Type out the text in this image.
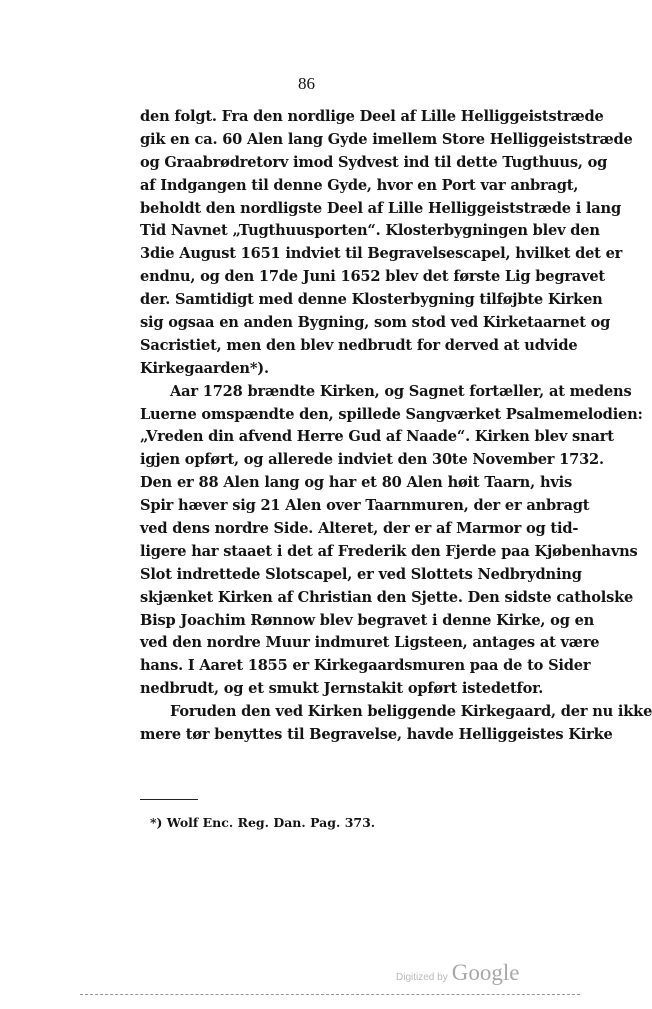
86
den folgt. Fra den nordlige Deel af Lille Helliggeiststræde
gik en ca. 60 Alen lang Gyde imellem Store Helliggeiststræde
og Graabrødretorv imod Sydvest ind til dette Tugthuus, og
af Indgangen til denne Gyde, hvor en Port var anbragt,
beholdt den nordligste Deel af Lille Helliggeiststræde i lang
Tid Navnet „Tugthuusporten“. Klosterbygningen blev den
3die August 1651 indviet til Begravelsescapel, hvilket det er
endnu, og den 17de Juni 1652 blev det første Lig begravet
der. Samtidigt med denne Klosterbygning tilføjbte Kirken
sig ogsaa en anden Bygning, som stod ved Kirketaarnet og
Sacristiet, men den blev nedbrudt for derved at udvide
Kirkegaarden*).
Aar 1728 brændte Kirken, og Sagnet fortæller, at medens
Luerne omspændte den, spillede Sangværket Psalmemelodien:
„Vreden din afvend Herre Gud af Naade“. Kirken blev snart
igjen opført, og allerede indviet den 30te November 1732.
Den er 88 Alen lang og har et 80 Alen høit Taarn, hvis
Spir hæver sig 21 Alen over Taarnmuren, der er anbragt
ved dens nordre Side. Alteret, der er af Marmor og tid-
ligere har staaet i det af Frederik den Fjerde paa Kjøbenhavns
Slot indrettede Slotscapel, er ved Slottets Nedbrydning
skjænket Kirken af Christian den Sjette. Den sidste catholske
Bisp Joachim Rønnow blev begravet i denne Kirke, og en
ved den nordre Muur indmuret Ligsteen, antages at være
hans. I Aaret 1855 er Kirkegaardsmuren paa de to Sider
nedbrudt, og et smukt Jernstakit opført istedetfor.
Foruden den ved Kirken beliggende Kirkegaard, der nu ikke
mere tør benyttes til Begravelse, havde Helliggeistes Kirke
*) Wolf Enc. Reg. Dan. Pag. 373.
Digitized by Google
